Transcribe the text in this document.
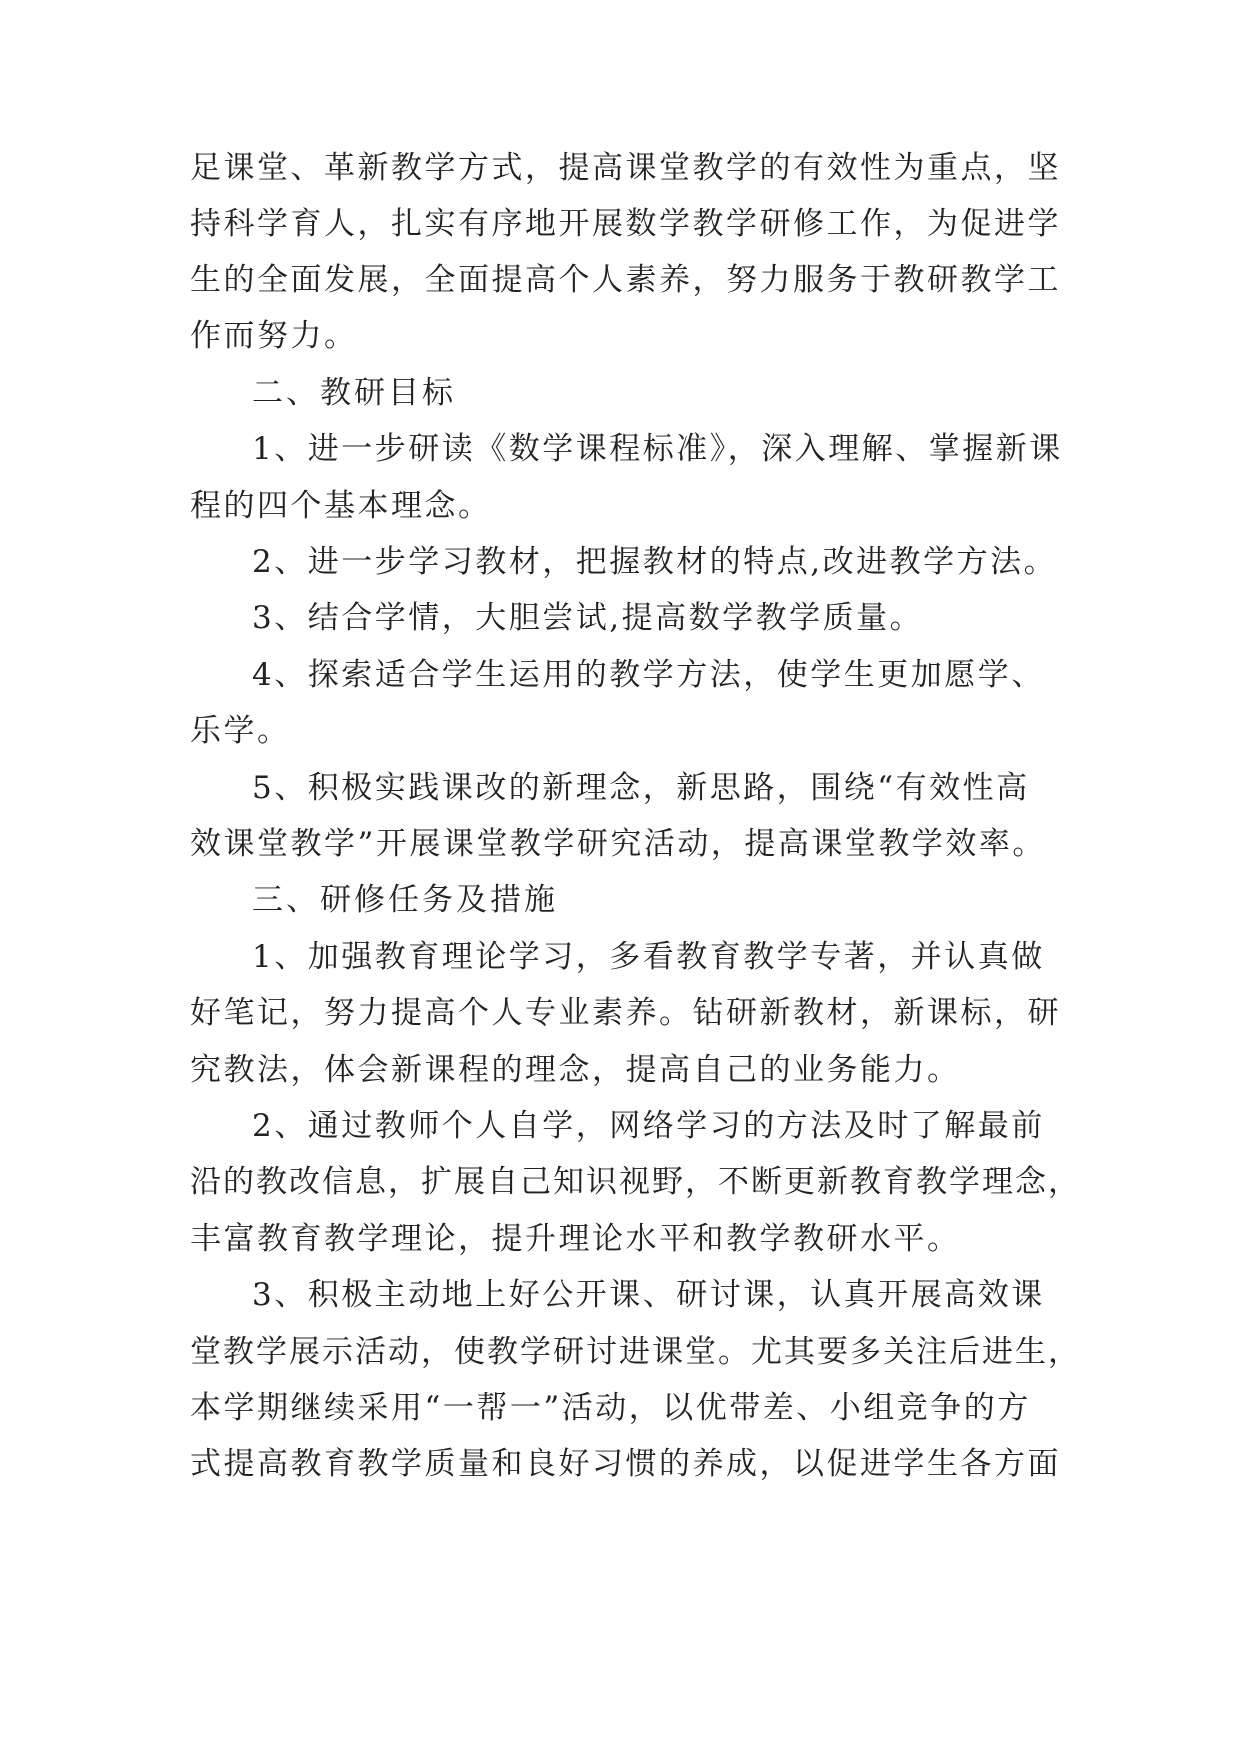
足课堂、革新教学方式，提高课堂教学的有效性为重点，坚
持科学育人，扎实有序地开展数学教学研修工作，为促进学
生的全面发展，全面提高个人素养，努力服务于教研教学工
作而努力。
二、教研目标
1、进一步研读《数学课程标准》，深入理解、掌握新课
程的四个基本理念。
2、进一步学习教材，把握教材的特点,改进教学方法。
3、结合学情，大胆尝试,提高数学教学质量。
4、探索适合学生运用的教学方法，使学生更加愿学、
乐学。
5、积极实践课改的新理念，新思路，围绕“有效性高
效课堂教学”开展课堂教学研究活动，提高课堂教学效率。
三、研修任务及措施
1、加强教育理论学习，多看教育教学专著，并认真做
好笔记，努力提高个人专业素养。钻研新教材，新课标，研
究教法，体会新课程的理念，提高自己的业务能力。
2、通过教师个人自学，网络学习的方法及时了解最前
沿的教改信息，扩展自己知识视野，不断更新教育教学理念，
丰富教育教学理论，提升理论水平和教学教研水平。
3、积极主动地上好公开课、研讨课，认真开展高效课
堂教学展示活动，使教学研讨进课堂。尤其要多关注后进生，
本学期继续采用“一帮一”活动，以优带差、小组竞争的方
式提高教育教学质量和良好习惯的养成，以促进学生各方面
